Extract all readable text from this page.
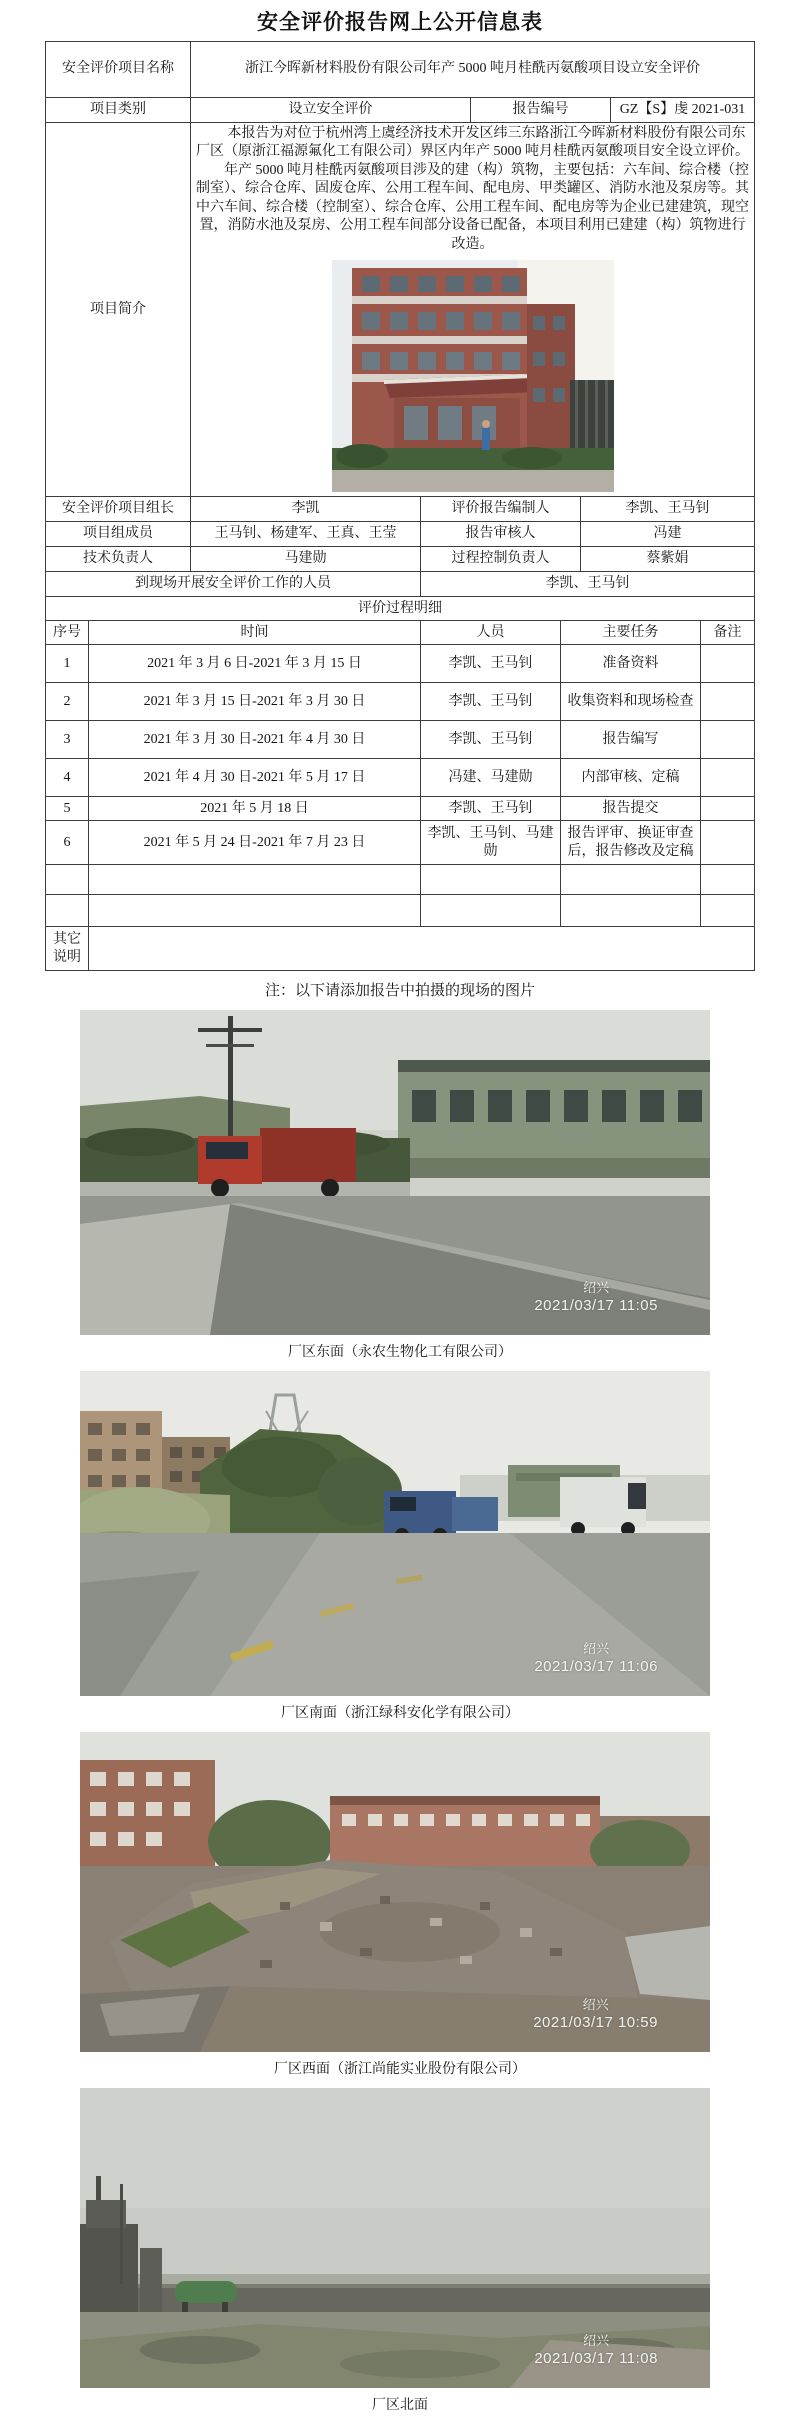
安全评价报告网上公开信息表
安全评价项目名称	浙江今晖新材料股份有限公司年产 5000 吨月桂酰丙氨酸项目设立安全评价		
项目类别	设立安全评价	报告编号	GZ【S】虔 2021-031
项目简介	本报告为对位于杭州湾上虞经济技术开发区纬三东路浙江今晖新材料股份有限公司东厂区（原浙江福源氟化工有限公司）界区内年产 5000 吨月桂酰丙氨酸项目安全设立评价。

年产 5000 吨月桂酰丙氨酸项目涉及的建（构）筑物，主要包括：六车间、综合楼（控制室）、综合仓库、固废仓库、公用工程车间、配电房、甲类罐区、消防水池及泵房等。其中六车间、综合楼（控制室）、综合仓库、公用工程车间、配电房等为企业已建建筑，现空置，消防水池及泵房、公用工程车间部分设备已配备，本项目利用已建建（构）筑物进行改造。		

安全评价项目组长	李凯	评价报告编制人	李凯、王马钊
项目组成员	王马钊、杨建军、王真、王莹	报告审核人	冯建
技术负责人	马建勋	过程控制负责人	蔡紫娟
到现场开展安全评价工作的人员		李凯、王马钊	
评价过程明细
序号	时间	人员	主要任务	备注
1	2021 年 3 月 6 日-2021 年 3 月 15 日	李凯、王马钊	准备资料	
2	2021 年 3 月 15 日-2021 年 3 月 30 日	李凯、王马钊	收集资料和现场检查	
3	2021 年 3 月 30 日-2021 年 4 月 30 日	李凯、王马钊	报告编写	
4	2021 年 4 月 30 日-2021 年 5 月 17 日	冯建、马建勋	内部审核、定稿	
5	2021 年 5 月 18 日	李凯、王马钊	报告提交	
6	2021 年 5 月 24 日-2021 年 7 月 23 日	李凯、王马钊、马建勋	报告评审、换证审查后，报告修改及定稿	

其它说明	

注：以下请添加报告中拍摄的现场的图片

绍兴
2021/03/17 11:05
厂区东面（永农生物化工有限公司）
绍兴
2021/03/17 11:06
厂区南面（浙江绿科安化学有限公司）
绍兴
2021/03/17 10:59
厂区西面（浙江尚能实业股份有限公司）
绍兴
2021/03/17 11:08
厂区北面
